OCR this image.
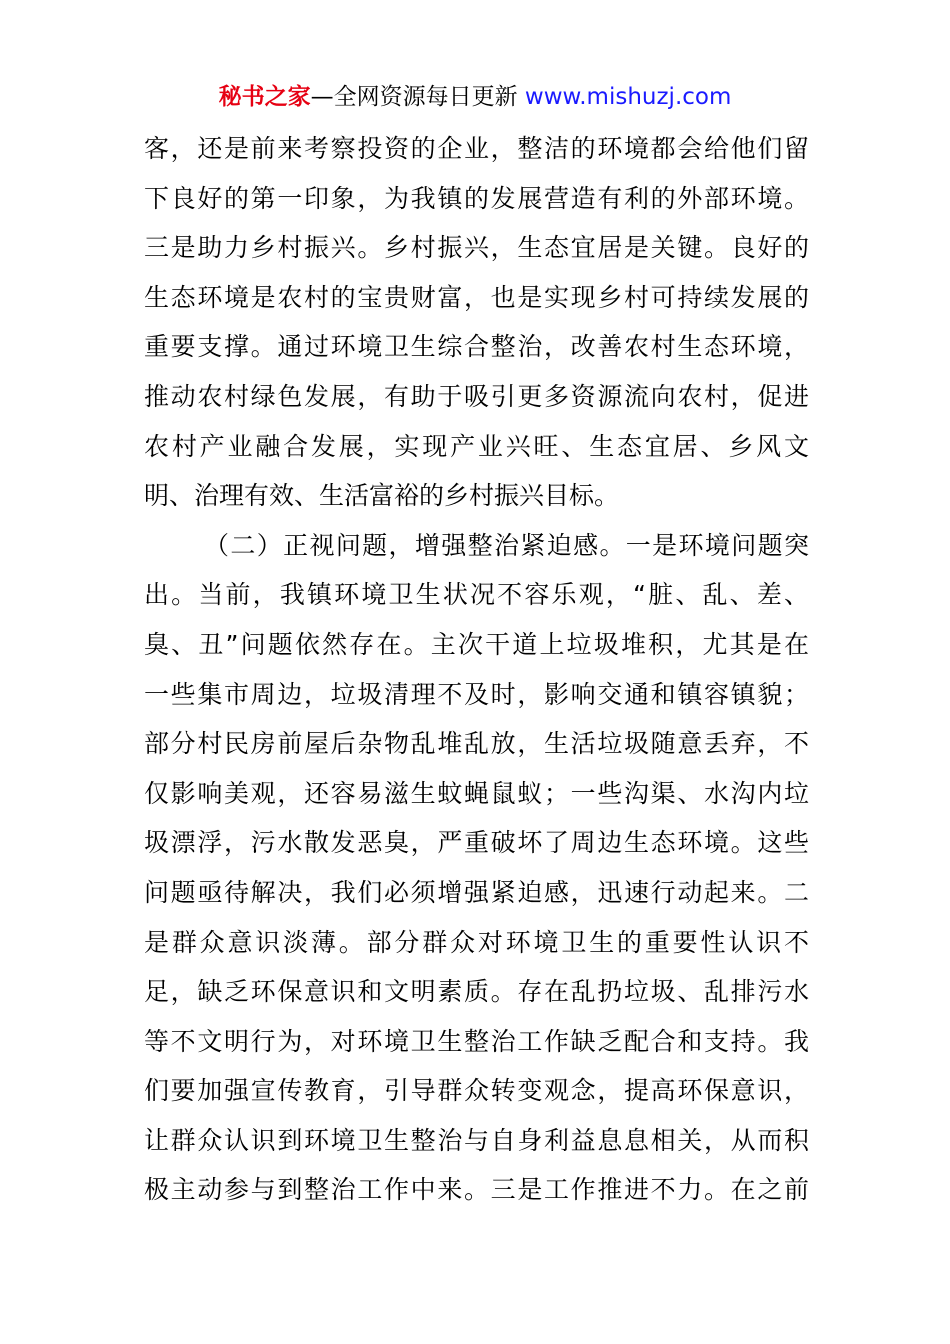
秘书之家—全网资源每日更新 www.mishuzj.com
客，还是前来考察投资的企业，整洁的环境都会给他们留
下良好的第一印象，为我镇的发展营造有利的外部环境。
三是助力乡村振兴。乡村振兴，生态宜居是关键。良好的
生态环境是农村的宝贵财富，也是实现乡村可持续发展的
重要支撑。通过环境卫生综合整治，改善农村生态环境，
推动农村绿色发展，有助于吸引更多资源流向农村，促进
农村产业融合发展，实现产业兴旺、生态宜居、乡风文
明、治理有效、生活富裕的乡村振兴目标。
（二）正视问题，增强整治紧迫感。一是环境问题突
出。当前，我镇环境卫生状况不容乐观，“脏、乱、差、
臭、丑”问题依然存在。主次干道上垃圾堆积，尤其是在
一些集市周边，垃圾清理不及时，影响交通和镇容镇貌；
部分村民房前屋后杂物乱堆乱放，生活垃圾随意丢弃，不
仅影响美观，还容易滋生蚊蝇鼠蚁；一些沟渠、水沟内垃
圾漂浮，污水散发恶臭，严重破坏了周边生态环境。这些
问题亟待解决，我们必须增强紧迫感，迅速行动起来。二
是群众意识淡薄。部分群众对环境卫生的重要性认识不
足，缺乏环保意识和文明素质。存在乱扔垃圾、乱排污水
等不文明行为，对环境卫生整治工作缺乏配合和支持。我
们要加强宣传教育，引导群众转变观念，提高环保意识，
让群众认识到环境卫生整治与自身利益息息相关，从而积
极主动参与到整治工作中来。三是工作推进不力。在之前
